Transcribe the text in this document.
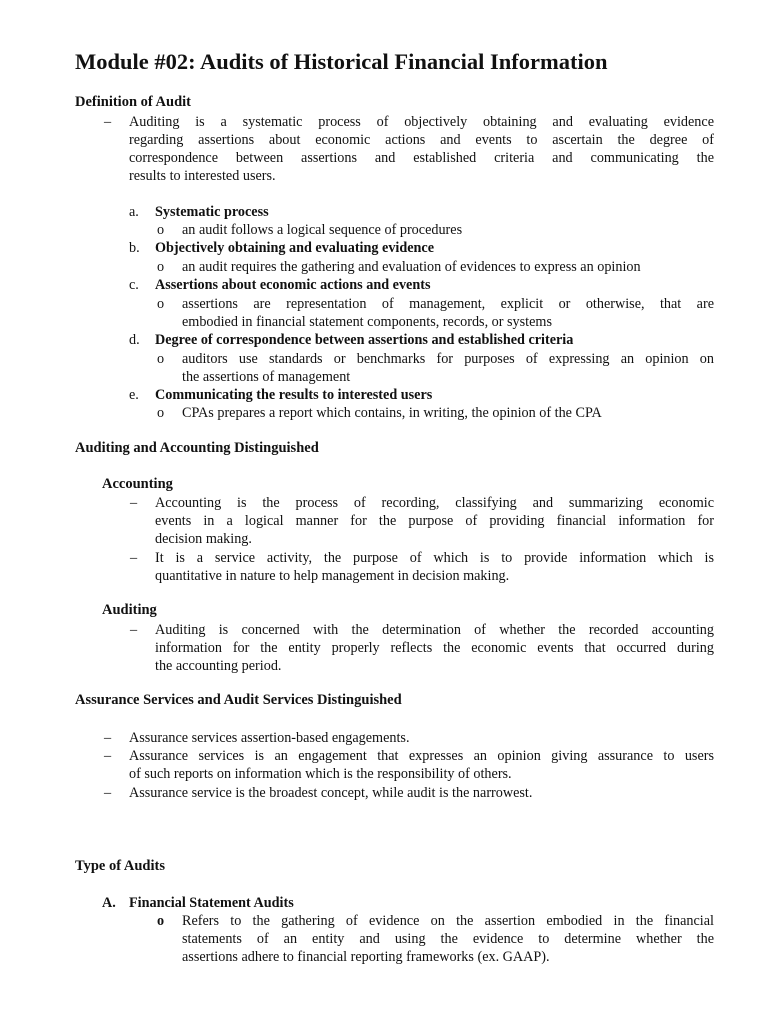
Module #02: Audits of Historical Financial Information
Definition of Audit
– Auditing is a systematic process of objectively obtaining and evaluating evidence
regarding assertions about economic actions and events to ascertain the degree of
correspondence between assertions and established criteria and communicating the
results to interested users.
a. Systematic process
o an audit follows a logical sequence of procedures
b. Objectively obtaining and evaluating evidence
o an audit requires the gathering and evaluation of evidences to express an opinion
c. Assertions about economic actions and events
o assertions are representation of management, explicit or otherwise, that are
embodied in financial statement components, records, or systems
d. Degree of correspondence between assertions and established criteria
o auditors use standards or benchmarks for purposes of expressing an opinion on
the assertions of management
e. Communicating the results to interested users
o CPAs prepares a report which contains, in writing, the opinion of the CPA
Auditing and Accounting Distinguished
Accounting
– Accounting is the process of recording, classifying and summarizing economic
events in a logical manner for the purpose of providing financial information for
decision making.
– It is a service activity, the purpose of which is to provide information which is
quantitative in nature to help management in decision making.
Auditing
– Auditing is concerned with the determination of whether the recorded accounting
information for the entity properly reflects the economic events that occurred during
the accounting period.
Assurance Services and Audit Services Distinguished
– Assurance services assertion-based engagements.
– Assurance services is an engagement that expresses an opinion giving assurance to users
of such reports on information which is the responsibility of others.
– Assurance service is the broadest concept, while audit is the narrowest.
Type of Audits
A. Financial Statement Audits
o Refers to the gathering of evidence on the assertion embodied in the financial
statements of an entity and using the evidence to determine whether the
assertions adhere to financial reporting frameworks (ex. GAAP).
